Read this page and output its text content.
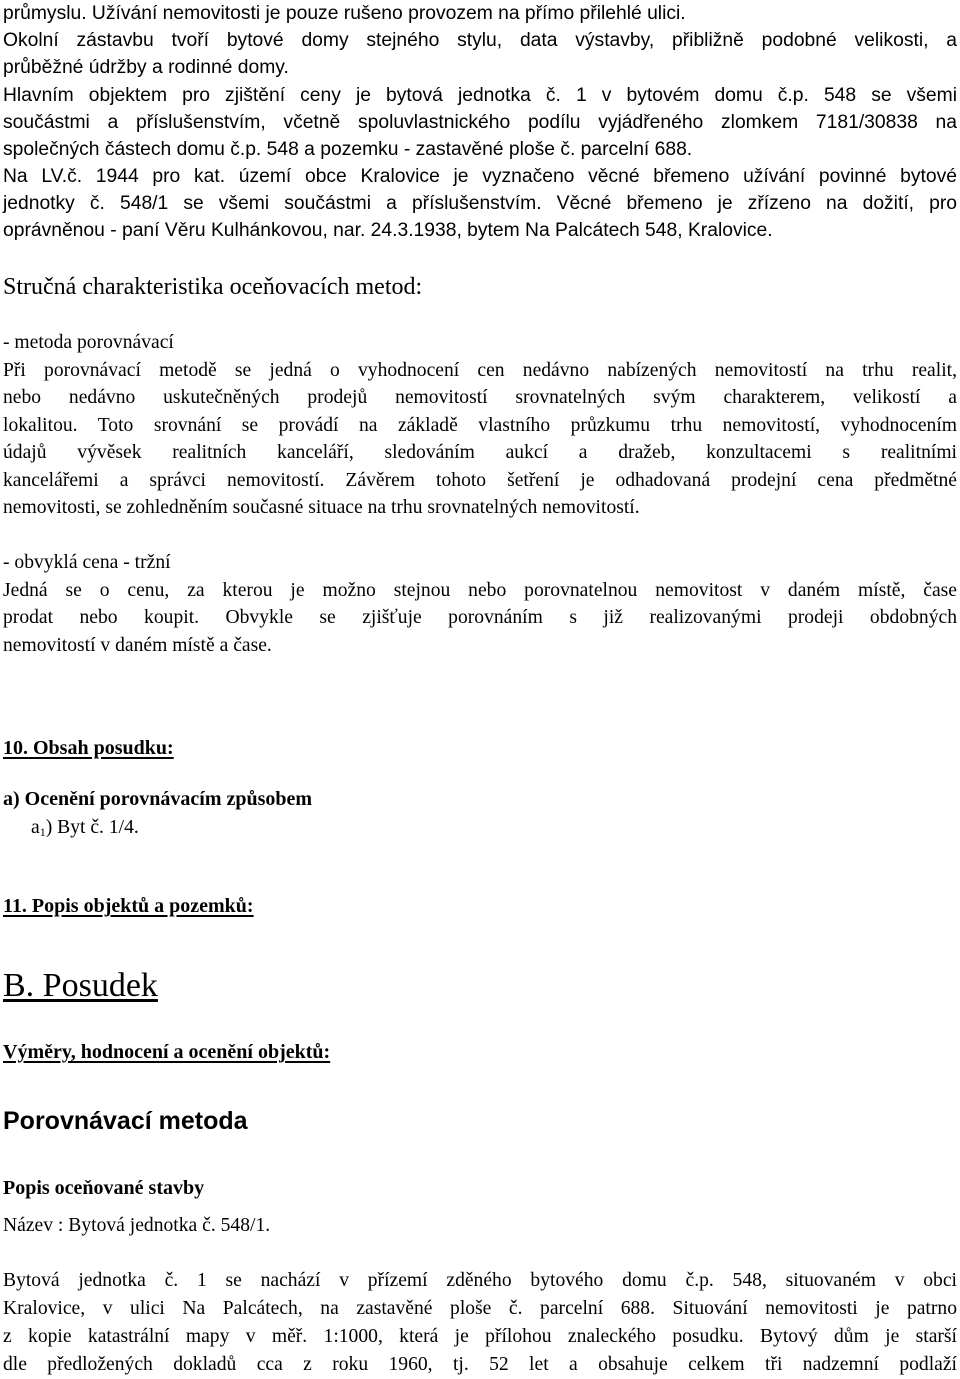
průmyslu. Užívání nemovitosti je pouze rušeno provozem na přímo přilehlé ulici.
Okolní zástavbu tvoří bytové domy stejného stylu, data výstavby, přibližně podobné velikosti, a
průběžné údržby a rodinné domy.
Hlavním objektem pro zjištění ceny je bytová jednotka č. 1 v bytovém domu č.p. 548 se všemi
součástmi a příslušenstvím, včetně spoluvlastnického podílu vyjádřeného zlomkem 7181/30838 na
společných částech domu č.p. 548 a pozemku - zastavěné ploše č. parcelní 688.
Na LV.č. 1944 pro kat. území obce Kralovice je vyznačeno věcné břemeno užívání povinné bytové
jednotky č. 548/1 se všemi součástmi a příslušenstvím. Věcné břemeno je zřízeno na dožití, pro
oprávněnou - paní Věru Kulhánkovou, nar. 24.3.1938, bytem Na Palcátech 548, Kralovice.
Stručná charakteristika oceňovacích metod:
- metoda porovnávací
Při porovnávací metodě se jedná o vyhodnocení cen nedávno nabízených nemovitostí na trhu realit,
nebo nedávno uskutečněných prodejů nemovitostí srovnatelných svým charakterem, velikostí a
lokalitou. Toto srovnání se provádí na základě vlastního průzkumu trhu nemovitostí, vyhodnocením
údajů vývěsek realitních kanceláří, sledováním aukcí a dražeb, konzultacemi s realitními
kancelářemi a správci nemovitostí. Závěrem tohoto šetření je odhadovaná prodejní cena předmětné
nemovitosti, se zohledněním současné situace na trhu srovnatelných nemovitostí.
- obvyklá cena - tržní
Jedná se o cenu, za kterou je možno stejnou nebo porovnatelnou nemovitost v daném místě, čase
prodat nebo koupit. Obvykle se zjišťuje porovnáním s již realizovanými prodeji obdobných
nemovitostí v daném místě a čase.
10. Obsah posudku:
a) Ocenění porovnávacím způsobem
$a_1$) Byt č. 1/4.
11. Popis objektů a pozemků:
B. Posudek
Výměry, hodnocení a ocenění objektů:
Porovnávací metoda
Popis oceňované stavby
Název : Bytová jednotka č. 548/1.
Bytová jednotka č. 1 se nachází v přízemí zděného bytového domu č.p. 548, situovaném v obci
Kralovice, v ulici Na Palcátech, na zastavěné ploše č. parcelní 688. Situování nemovitosti je patrno
z kopie katastrální mapy v měř. 1:1000, která je přílohou znaleckého posudku. Bytový dům je starší
dle předložených dokladů cca z roku 1960, tj. 52 let a obsahuje celkem tři nadzemní podlaží
